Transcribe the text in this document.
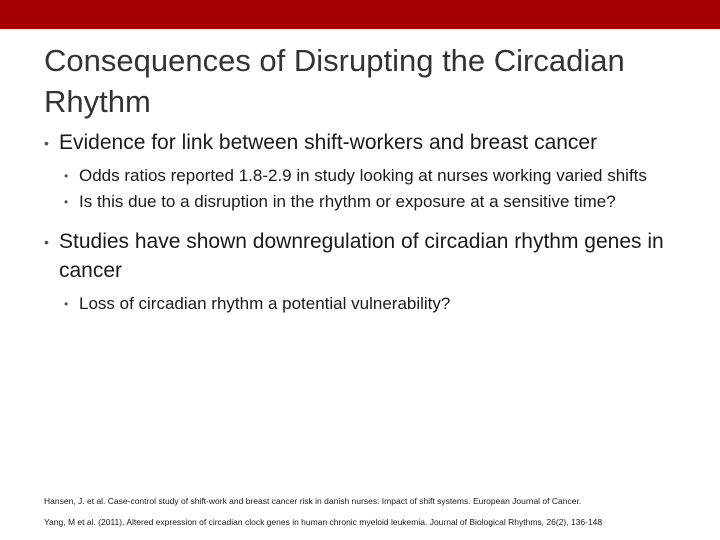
Consequences of Disrupting the Circadian Rhythm
• Evidence for link between shift-workers and breast cancer
• Odds ratios reported 1.8-2.9 in study looking at nurses working varied shifts
• Is this due to a disruption in the rhythm or exposure at a sensitive time?
• Studies have shown downregulation of circadian rhythm genes in cancer
• Loss of circadian rhythm a potential vulnerability?
Hansen, J. et al. Case-control study of shift-work and breast cancer risk in danish nurses: Impact of shift systems. European Journal of Cancer.
Yang, M et al. (2011). Altered expression of circadian clock genes in human chronic myeloid leukemia. Journal of Biological Rhythms, 26(2), 136-148
